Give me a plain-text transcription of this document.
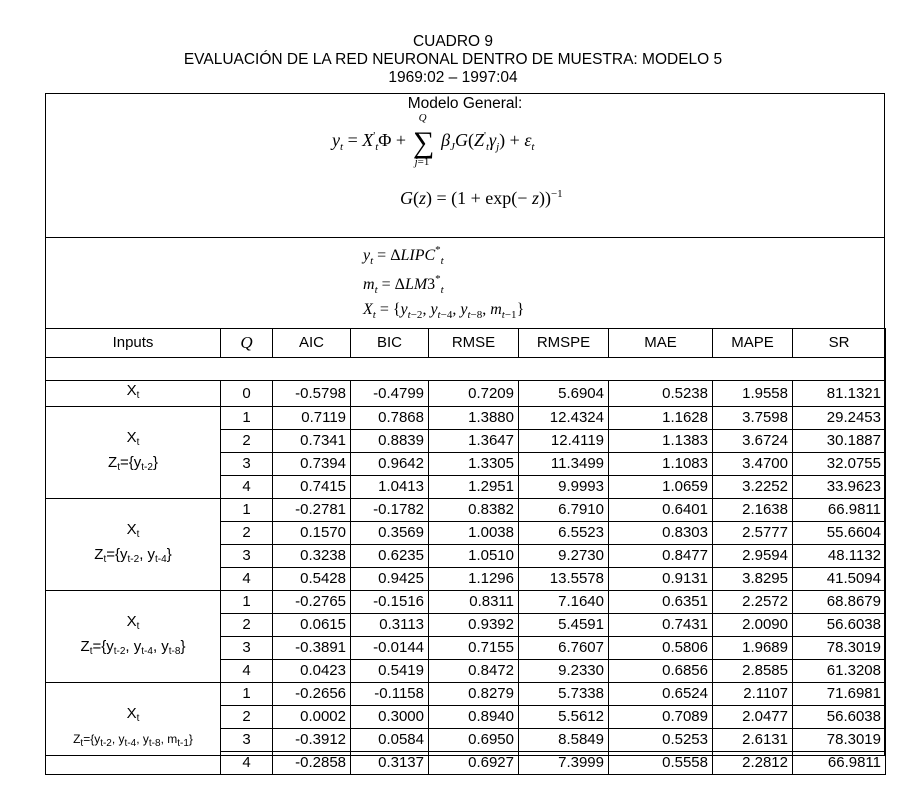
CUADRO 9
EVALUACIÓN DE LA RED NEURONAL DENTRO DE MUESTRA: MODELO 5
1969:02 – 1997:04
Modelo General:
$y_t = X'_t\Phi$ +
Q
∑
j=1
$\beta_JG(Z'_t\gamma_j) + \varepsilon_t$
$G(z) = (1 + \exp(- z))^{-1}$
$y_t$ = $\Delta LIPC^*_t$
$m_t = \Delta LM3^*_t$
$X_t = \{y_{t-2}$, $y_{t-4}$, $y_{t-8}$, $m_{t-1}$}
Inputs	Q	AIC	BIC	RMSE	RMSPE	MAE	MAPE	SR

$X_t$	0	-0.5798	-0.4799	0.7209	5.6904	0.5238	1.9558	81.1321

$X_t$
$Z_t=\{y_{t-2}\}$	1	0.7119	0.7868	1.3880	12.4324	1.1628	3.7598	29.2453
	2	0.7341	0.8839	1.3647	12.4119	1.1383	3.6724	30.1887
	3	0.7394	0.9642	1.3305	11.3499	1.1083	3.4700	32.0755
	4	0.7415	1.0413	1.2951	9.9993	1.0659	3.2252	33.9623

$X_t$
$Z_t=\{y_{t-2}$, $y_{t-4}$}	1	-0.2781	-0.1782	0.8382	6.7910	0.6401	2.1638	66.9811
	2	0.1570	0.3569	1.0038	6.5523	0.8303	2.5777	55.6604
	3	0.3238	0.6235	1.0510	9.2730	0.8477	2.9594	48.1132
	4	0.5428	0.9425	1.1296	13.5578	0.9131	3.8295	41.5094

$X_t$
$Z_t=\{y_{t-2}$, $y_{t-4}$, $y_{t-8}$}	1	-0.2765	-0.1516	0.8311	7.1640	0.6351	2.2572	68.8679
	2	0.0615	0.3113	0.9392	5.4591	0.7431	2.0090	56.6038
	3	-0.3891	-0.0144	0.7155	6.7607	0.5806	1.9689	78.3019
	4	0.0423	0.5419	0.8472	9.2330	0.6856	2.8585	61.3208

$X_t$
$Z_t=\{y_{t-2}$, $y_{t-4}$, $y_{t-8}$, $m_{t-1}$}	1	-0.2656	-0.1158	0.8279	5.7338	0.6524	2.1107	71.6981
	2	0.0002	0.3000	0.8940	5.5612	0.7089	2.0477	56.6038
	3	-0.3912	0.0584	0.6950	8.5849	0.5253	2.6131	78.3019
	4	-0.2858	0.3137	0.6927	7.3999	0.5558	2.2812	66.9811
